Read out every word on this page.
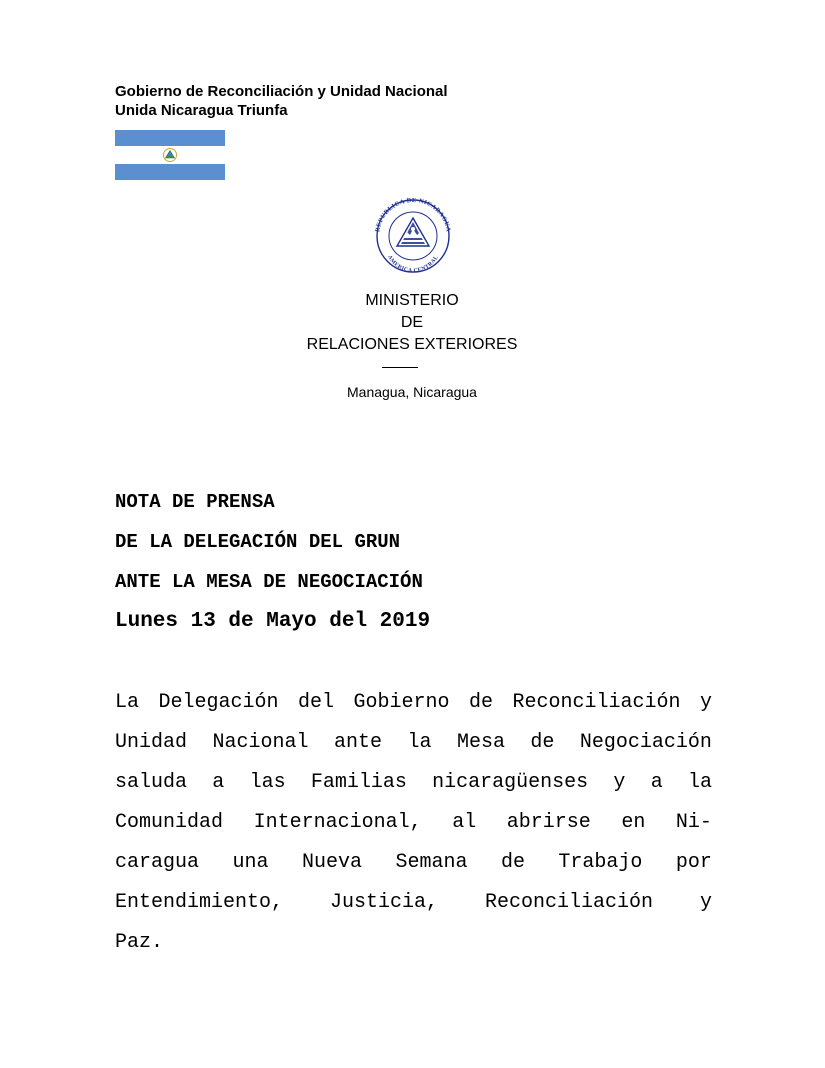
Gobierno de Reconciliación y Unidad Nacional
Unida Nicaragua Triunfa
REPUBLICA DE NICARAGUA
AMERICA CENTRAL
MINISTERIO
DE
RELACIONES EXTERIORES
Managua, Nicaragua
NOTA DE PRENSA
DE LA DELEGACIÓN DEL GRUN
ANTE LA MESA DE NEGOCIACIÓN
Lunes 13 de Mayo del 2019
La Delegación del Gobierno de Reconciliación y
Unidad Nacional ante la Mesa de Negociación
saluda a las Familias nicaragüenses y a la
Comunidad Internacional, al abrirse en Ni-
caragua una Nueva Semana de Trabajo por
Entendimiento, Justicia, Reconciliación y
Paz.
